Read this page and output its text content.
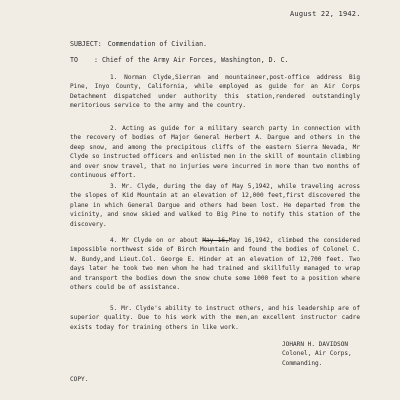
August 22, 1942.
SUBJECT: Commendation of Civilian.
TO : Chief of the Army Air Forces, Washington, D. C.

1. Norman Clyde,Sierran and mountaineer,post-office address Big Pine, Inyo County, California, while employed as guide for an Air Corps Detachment dispatched under authority this station,rendered outstandingly meritorious service to the army and the country.

2. Acting as guide for a military search party in connection with the recovery of bodies of Major General Herbert A. Dargue and others in the deep snow, and among the precipitous cliffs of the eastern Sierra Nevada, Mr Clyde so instructed officers and enlisted men in the skill of mountain climbing and over snow travel, that no injuries were incurred in more than two months of continuous effort.

3. Mr. Clyde, during the day of May 5,1942, while traveling across the slopes of Kid Mountain at an elevation of 12,000 feet,first discovered the plane in which General Dargue and others had been lost. He departed from the vicinity, and snow skied and walked to Big Pine to notify this station of the discovery.

4. Mr Clyde on or about May 16,May 16,1942, climbed the considered impossible northwest side of Birch Mountain and found the bodies of Colonel C. W. Bundy,and Lieut.Col. George E. Hinder at an elevation of 12,700 feet. Two days later he took two men whom he had trained and skillfully managed to wrap and transport the bodies down the snow chute some 1000 feet to a position where others could be of assistance.

5. Mr. Clyde's ability to instruct others, and his leadership are of superior quality. Due to his work with the men,an excellent instructor cadre exists today for training others in like work.

JOHARN H. DAVIDSON
Colonel, Air Corps,
Commanding.
COPY.
